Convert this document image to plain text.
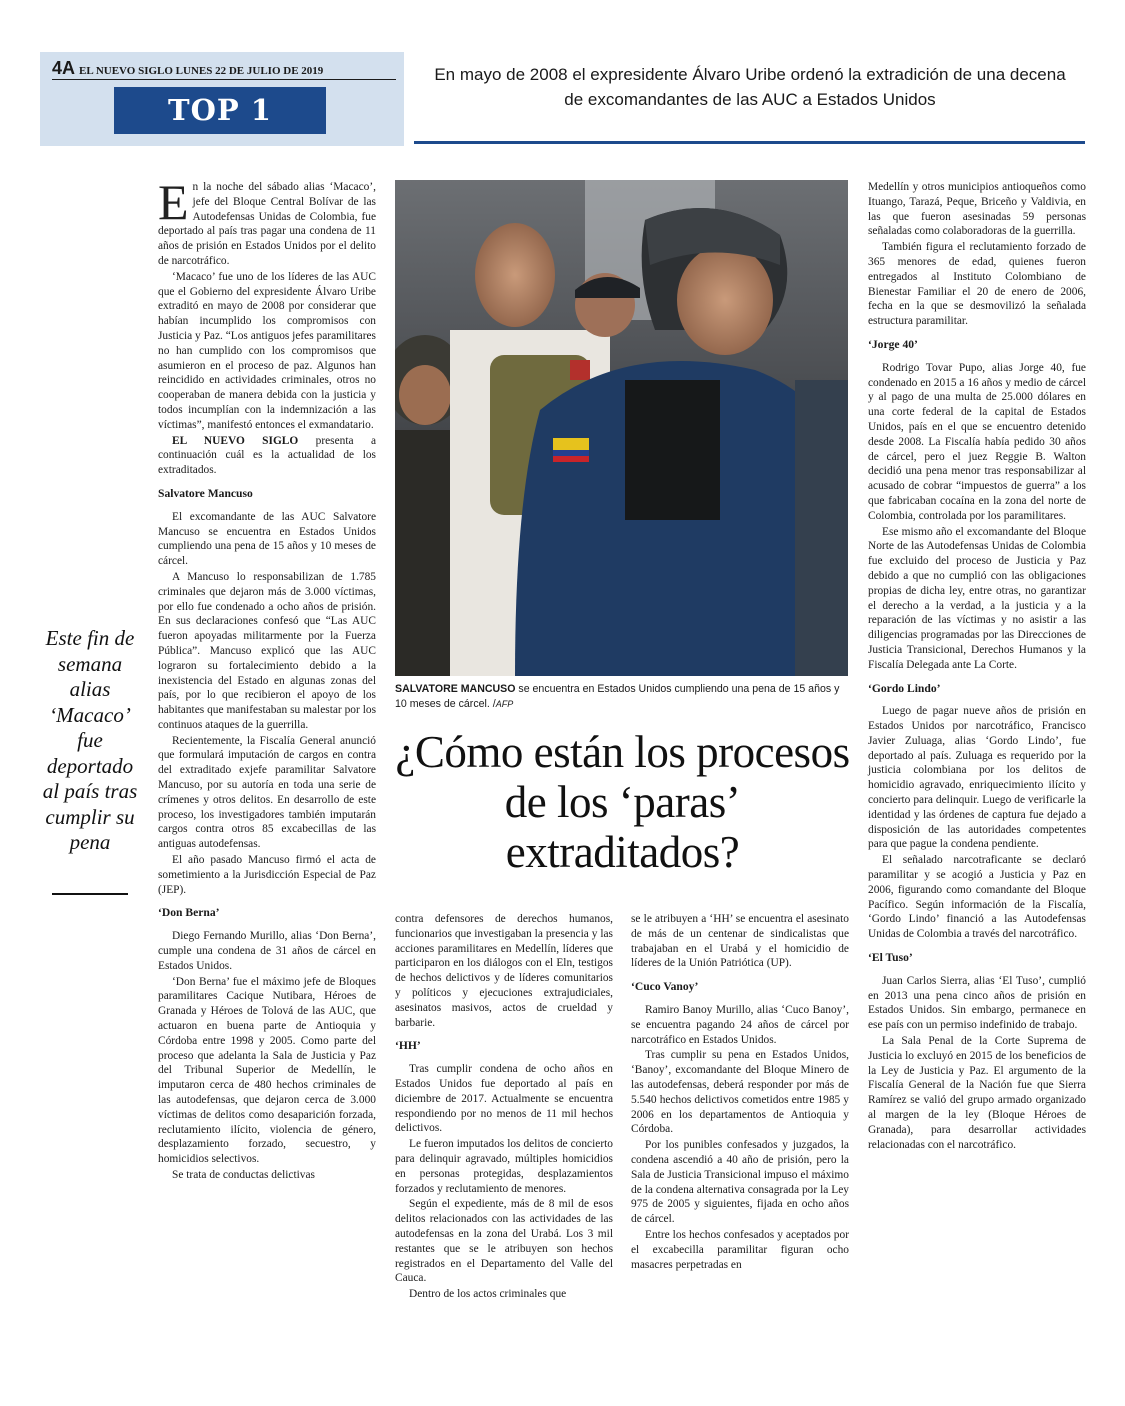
4A EL NUEVO SIGLO LUNES 22 DE JULIO DE 2019
TOP 1
En mayo de 2008 el expresidente Álvaro Uribe ordenó la extradición de una decena de excomandantes de las AUC a Estados Unidos
Este fin de semana alias ‘Macaco’ fue deportado al país tras cumplir su pena

En la noche del sábado alias ‘Macaco’, jefe del Bloque Central Bolívar de las Autodefensas Unidas de Colombia, fue deportado al país tras pagar una condena de 11 años de prisión en Estados Unidos por el delito de narcotráfico.

‘Macaco’ fue uno de los líderes de las AUC que el Gobierno del expresidente Álvaro Uribe extraditó en mayo de 2008 por considerar que habían incumplido los compromisos con Justicia y Paz. “Los antiguos jefes paramilitares no han cumplido con los compromisos que asumieron en el proceso de paz. Algunos han reincidido en actividades criminales, otros no cooperaban de manera debida con la justicia y todos incumplían con la indemnización a las víctimas”, manifestó entonces el exmandatario.

EL NUEVO SIGLO presenta a continuación cuál es la actualidad de los extraditados.

Salvatore Mancuso

El excomandante de las AUC Salvatore Mancuso se encuentra en Estados Unidos cumpliendo una pena de 15 años y 10 meses de cárcel.

A Mancuso lo responsabilizan de 1.785 criminales que dejaron más de 3.000 víctimas, por ello fue condenado a ocho años de prisión. En sus declaraciones confesó que “Las AUC fueron apoyadas militarmente por la Fuerza Pública”. Mancuso explicó que las AUC lograron su fortalecimiento debido a la inexistencia del Estado en algunas zonas del país, por lo que recibieron el apoyo de los habitantes que manifestaban su malestar por los continuos ataques de la guerrilla.

Recientemente, la Fiscalía General anunció que formulará imputación de cargos en contra del extraditado exjefe paramilitar Salvatore Mancuso, por su autoría en toda una serie de crímenes y otros delitos. En desarrollo de este proceso, los investigadores también imputarán cargos contra otros 85 excabecillas de las antiguas autodefensas.

El año pasado Mancuso firmó el acta de sometimiento a la Jurisdicción Especial de Paz (JEP).

‘Don Berna’

Diego Fernando Murillo, alias ‘Don Berna’, cumple una condena de 31 años de cárcel en Estados Unidos.

‘Don Berna’ fue el máximo jefe de Bloques paramilitares Cacique Nutibara, Héroes de Granada y Héroes de Tolová de las AUC, que actuaron en buena parte de Antioquia y Córdoba entre 1998 y 2005. Como parte del proceso que adelanta la Sala de Justicia y Paz del Tribunal Superior de Medellín, le imputaron cerca de 480 hechos criminales de las autodefensas, que dejaron cerca de 3.000 víctimas de delitos como desaparición forzada, reclutamiento ilícito, violencia de género, desplazamiento forzado, secuestro, y homicidios selectivos.

Se trata de conductas delictivas

SALVATORE MANCUSO se encuentra en Estados Unidos cumpliendo una pena de 15 años y 10 meses de cárcel. /AFP
¿Cómo están los procesos de los ‘paras’ extraditados?

contra defensores de derechos humanos, funcionarios que investigaban la presencia y las acciones paramilitares en Medellín, líderes que participaron en los diálogos con el Eln, testigos de hechos delictivos y de líderes comunitarios y políticos y ejecuciones extrajudiciales, asesinatos masivos, actos de crueldad y barbarie.

‘HH’

Tras cumplir condena de ocho años en Estados Unidos fue deportado al país en diciembre de 2017. Actualmente se encuentra respondiendo por no menos de 11 mil hechos delictivos.

Le fueron imputados los delitos de concierto para delinquir agravado, múltiples homicidios en personas protegidas, desplazamientos forzados y reclutamiento de menores.

Según el expediente, más de 8 mil de esos delitos relacionados con las actividades de las autodefensas en la zona del Urabá. Los 3 mil restantes que se le atribuyen son hechos registrados en el Departamento del Valle del Cauca.

Dentro de los actos criminales que

se le atribuyen a ‘HH’ se encuentra el asesinato de más de un centenar de sindicalistas que trabajaban en el Urabá y el homicidio de líderes de la Unión Patriótica (UP).

‘Cuco Vanoy’

Ramiro Banoy Murillo, alias ‘Cuco Banoy’, se encuentra pagando 24 años de cárcel por narcotráfico en Estados Unidos.

Tras cumplir su pena en Estados Unidos, ‘Banoy’, excomandante del Bloque Minero de las autodefensas, deberá responder por más de 5.540 hechos delictivos cometidos entre 1985 y 2006 en los departamentos de Antioquia y Córdoba.

Por los punibles confesados y juzgados, la condena ascendió a 40 año de prisión, pero la Sala de Justicia Transicional impuso el máximo de la condena alternativa consagrada por la Ley 975 de 2005 y siguientes, fijada en ocho años de cárcel.

Entre los hechos confesados y aceptados por el excabecilla paramilitar figuran ocho masacres perpetradas en

Medellín y otros municipios antioqueños como Ituango, Tarazá, Peque, Briceño y Valdivia, en las que fueron asesinadas 59 personas señaladas como colaboradoras de la guerrilla.

También figura el reclutamiento forzado de 365 menores de edad, quienes fueron entregados al Instituto Colombiano de Bienestar Familiar el 20 de enero de 2006, fecha en la que se desmovilizó la señalada estructura paramilitar.

‘Jorge 40’

Rodrigo Tovar Pupo, alias Jorge 40, fue condenado en 2015 a 16 años y medio de cárcel y al pago de una multa de 25.000 dólares en una corte federal de la capital de Estados Unidos, país en el que se encuentro detenido desde 2008. La Fiscalía había pedido 30 años de cárcel, pero el juez Reggie B. Walton decidió una pena menor tras responsabilizar al acusado de cobrar “impuestos de guerra” a los que fabricaban cocaína en la zona del norte de Colombia, controlada por los paramilitares.

Ese mismo año el excomandante del Bloque Norte de las Autodefensas Unidas de Colombia fue excluido del proceso de Justicia y Paz debido a que no cumplió con las obligaciones propias de dicha ley, entre otras, no garantizar el derecho a la verdad, a la justicia y a la reparación de las víctimas y no asistir a las diligencias programadas por las Direcciones de Justicia Transicional, Derechos Humanos y la Fiscalía Delegada ante La Corte.

‘Gordo Lindo’

Luego de pagar nueve años de prisión en Estados Unidos por narcotráfico, Francisco Javier Zuluaga, alias ‘Gordo Lindo’, fue deportado al país. Zuluaga es requerido por la justicia colombiana por los delitos de homicidio agravado, enriquecimiento ilícito y concierto para delinquir. Luego de verificarle la identidad y las órdenes de captura fue dejado a disposición de las autoridades competentes para que pague la condena pendiente.

El señalado narcotraficante se declaró paramilitar y se acogió a Justicia y Paz en 2006, figurando como comandante del Bloque Pacífico. Según información de la Fiscalía, ‘Gordo Lindo’ financió a las Autodefensas Unidas de Colombia a través del narcotráfico.

‘El Tuso’

Juan Carlos Sierra, alias ‘El Tuso’, cumplió en 2013 una pena cinco años de prisión en Estados Unidos. Sin embargo, permanece en ese país con un permiso indefinido de trabajo.

La Sala Penal de la Corte Suprema de Justicia lo excluyó en 2015 de los beneficios de la Ley de Justicia y Paz. El argumento de la Fiscalía General de la Nación fue que Sierra Ramírez se valió del grupo armado organizado al margen de la ley (Bloque Héroes de Granada), para desarrollar actividades relacionadas con el narcotráfico.
